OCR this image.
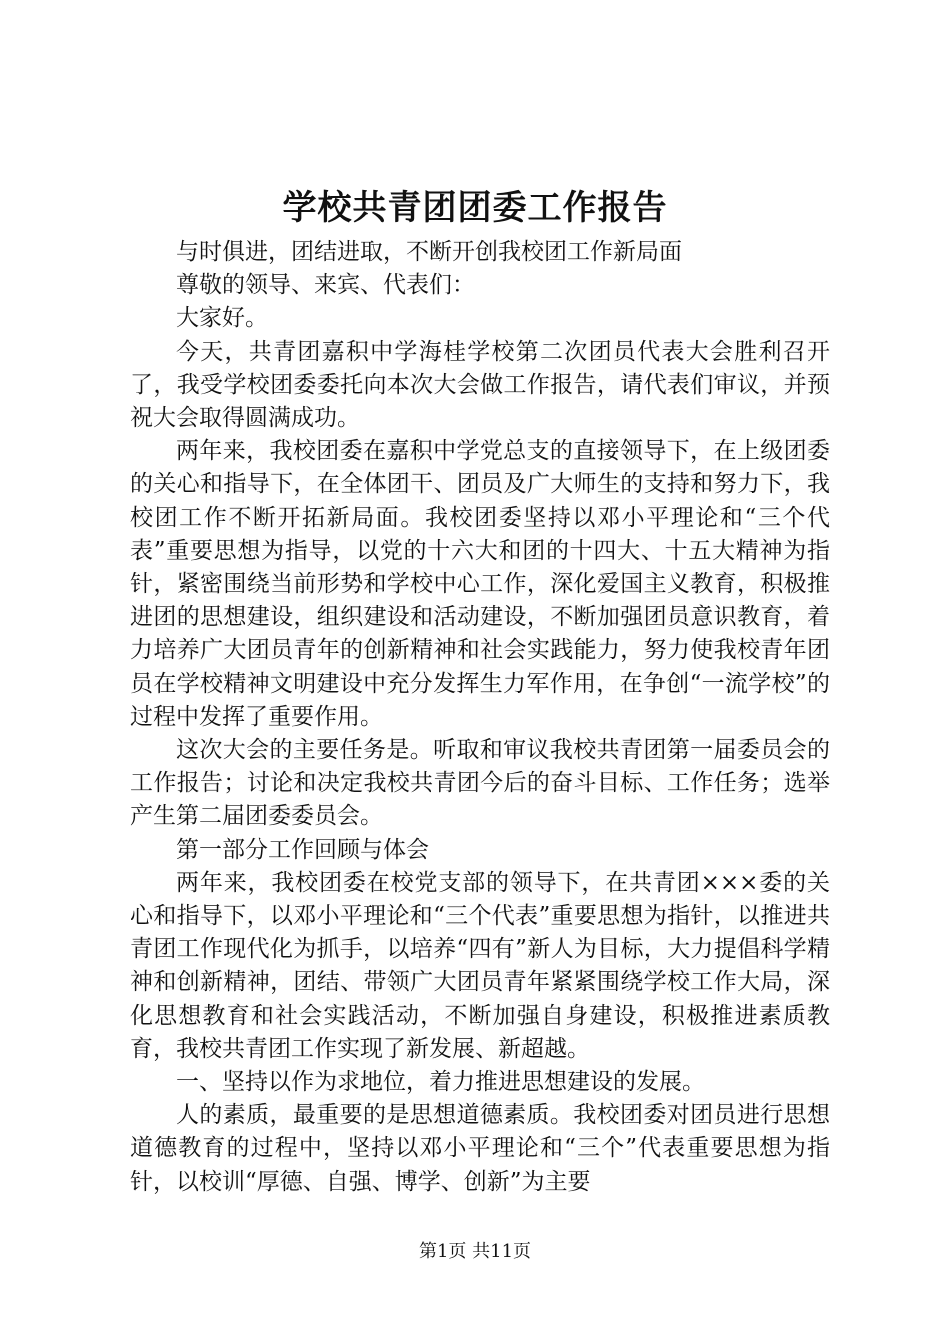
学校共青团团委工作报告

与时俱进，团结进取，不断开创我校团工作新局面

尊敬的领导、来宾、代表们：

大家好。

今天，共青团嘉积中学海桂学校第二次团员代表大会胜利召开了，我受学校团委委托向本次大会做工作报告，请代表们审议，并预祝大会取得圆满成功。

两年来，我校团委在嘉积中学党总支的直接领导下，在上级团委的关心和指导下，在全体团干、团员及广大师生的支持和努力下，我校团工作不断开拓新局面。我校团委坚持以邓小平理论和“三个代表”重要思想为指导，以党的十六大和团的十四大、十五大精神为指针，紧密围绕当前形势和学校中心工作，深化爱国主义教育，积极推进团的思想建设，组织建设和活动建设，不断加强团员意识教育，着力培养广大团员青年的创新精神和社会实践能力，努力使我校青年团员在学校精神文明建设中充分发挥生力军作用，在争创“一流学校”的过程中发挥了重要作用。

这次大会的主要任务是。听取和审议我校共青团第一届委员会的工作报告；讨论和决定我校共青团今后的奋斗目标、工作任务；选举产生第二届团委委员会。

第一部分工作回顾与体会

两年来，我校团委在校党支部的领导下，在共青团×××委的关心和指导下，以邓小平理论和“三个代表”重要思想为指针，以推进共青团工作现代化为抓手，以培养“四有”新人为目标，大力提倡科学精神和创新精神，团结、带领广大团员青年紧紧围绕学校工作大局，深化思想教育和社会实践活动，不断加强自身建设，积极推进素质教育，我校共青团工作实现了新发展、新超越。

一、坚持以作为求地位，着力推进思想建设的发展。

人的素质，最重要的是思想道德素质。我校团委对团员进行思想道德教育的过程中，坚持以邓小平理论和“三个”代表重要思想为指针，以校训“厚德、自强、博学、创新”为主要

第1页 共11页
